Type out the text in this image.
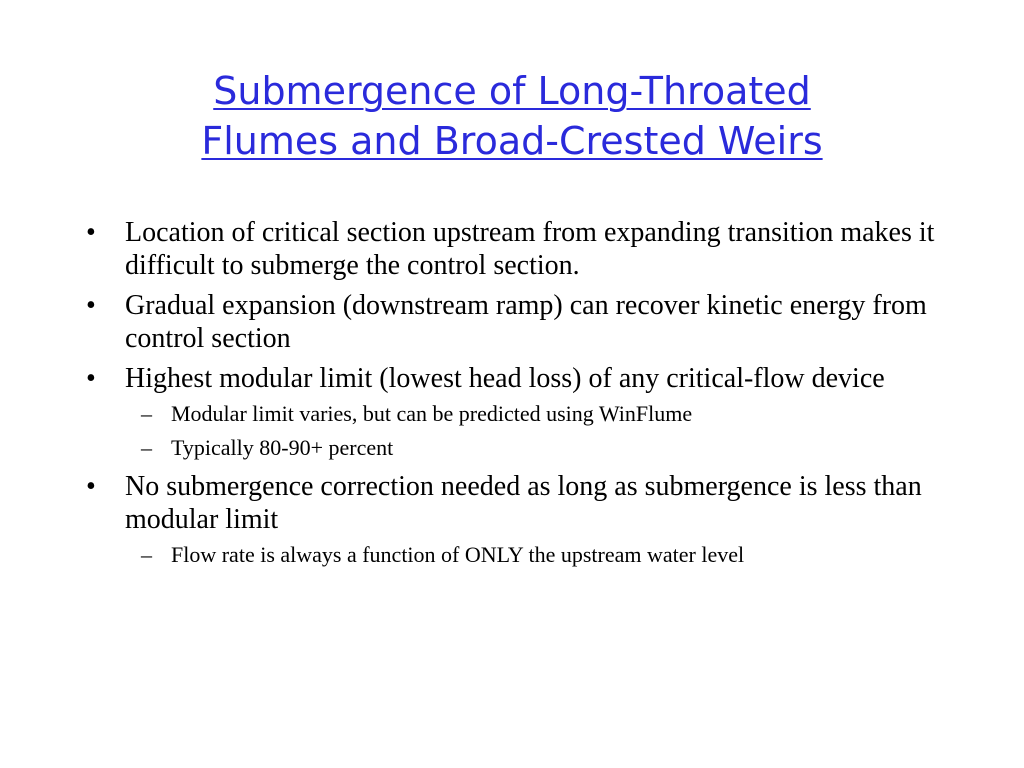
Submergence of Long-Throated
Flumes and Broad-Crested Weirs
• Location of critical section upstream from expanding transition makes it difficult to submerge the control section.
• Gradual expansion (downstream ramp) can recover kinetic energy from control section
• Highest modular limit (lowest head loss) of any critical-flow device
– Modular limit varies, but can be predicted using WinFlume
– Typically 80-90+ percent
• No submergence correction needed as long as submergence is less than modular limit
– Flow rate is always a function of ONLY the upstream water level
